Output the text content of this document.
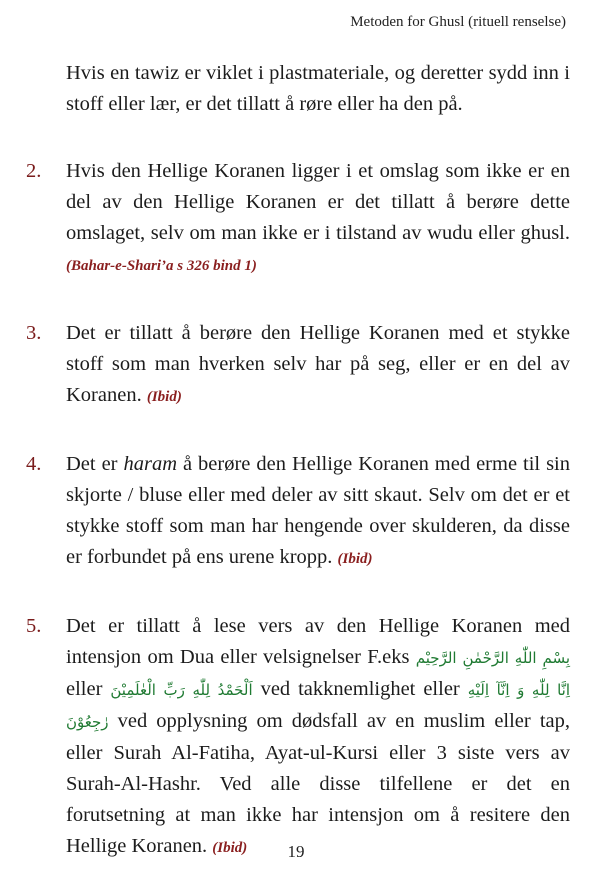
Metoden for Ghusl (rituell renselse)
Hvis en tawiz er viklet i plastmateriale, og deretter sydd inn i stoff eller lær, er det tillatt å røre eller ha den på.
2.	Hvis den Hellige Koranen ligger i et omslag som ikke er en del av den Hellige Koranen er det tillatt å berøre dette omslaget, selv om man ikke er i tilstand av wudu eller ghusl. (Bahar-e-Shari’a s 326 bind 1)
3.	Det er tillatt å berøre den Hellige Koranen med et stykke stoff som man hverken selv har på seg, eller er en del av Koranen. (Ibid)
4.	Det er haram å berøre den Hellige Koranen med erme til sin skjorte / bluse eller med deler av sitt skaut. Selv om det er et stykke stoff som man har hengende over skulderen, da disse er forbundet på ens urene kropp. (Ibid)
5.	Det er tillatt å lese vers av den Hellige Koranen med intensjon om Dua eller velsignelser F.eks بِسْمِ اللّٰهِ الرَّحْمٰنِ الرَّحِيْم eller اَلْحَمْدُ لِلّٰهِ رَبِّ الْعٰلَمِيْنَ ved takknemlighet eller اِنَّا لِلّٰهِ وَ اِنَّآ اِلَيْهِ رٰجِعُوْنَ ved opplysning om dødsfall av en muslim eller tap, eller Surah Al-Fatiha, Ayat-ul-Kursi eller 3 siste vers av Surah-Al-Hashr. Ved alle disse tilfellene er det en forutsetning at man ikke har intensjon om å resitere den Hellige Koranen. (Ibid)	19
